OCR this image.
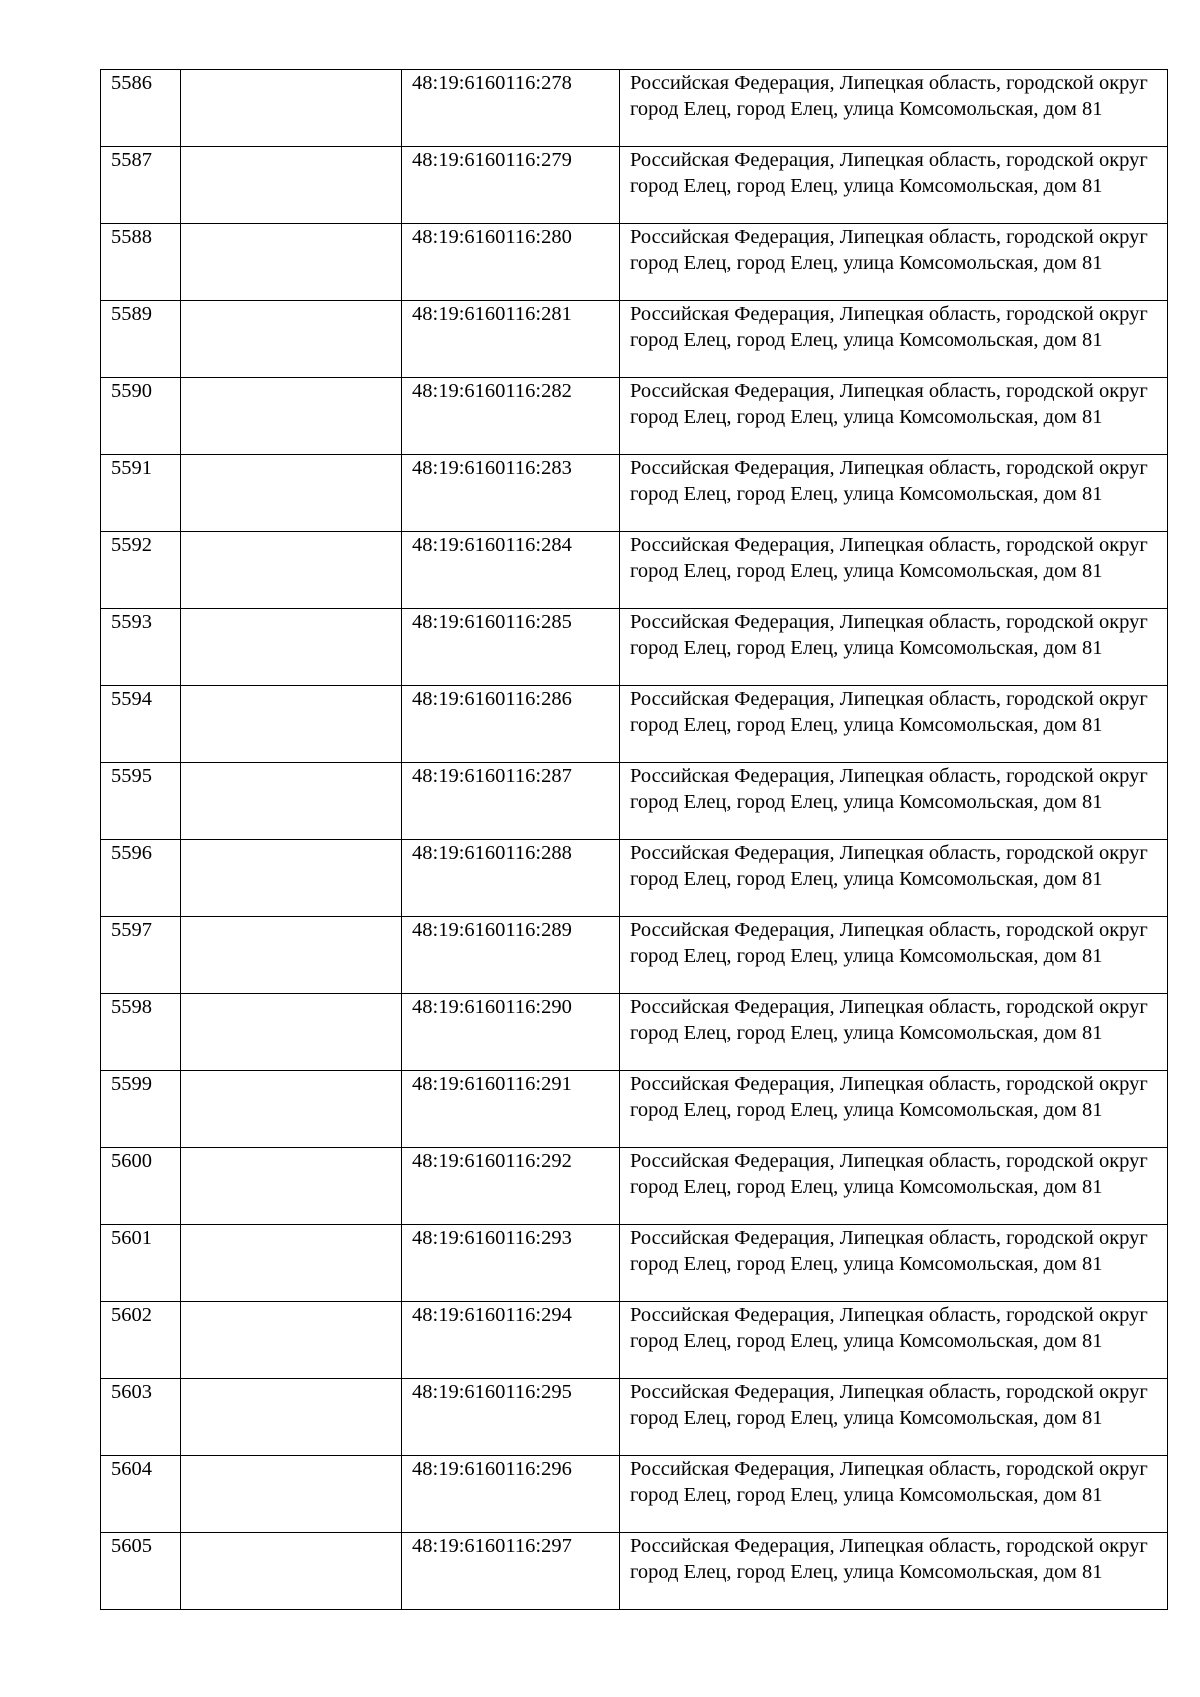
5586		48:19:6160116:278	Российская Федерация, Липецкая область, городской округ город Елец, город Елец, улица Комсомольская, дом 81
5587		48:19:6160116:279	Российская Федерация, Липецкая область, городской округ город Елец, город Елец, улица Комсомольская, дом 81
5588		48:19:6160116:280	Российская Федерация, Липецкая область, городской округ город Елец, город Елец, улица Комсомольская, дом 81
5589		48:19:6160116:281	Российская Федерация, Липецкая область, городской округ город Елец, город Елец, улица Комсомольская, дом 81
5590		48:19:6160116:282	Российская Федерация, Липецкая область, городской округ город Елец, город Елец, улица Комсомольская, дом 81
5591		48:19:6160116:283	Российская Федерация, Липецкая область, городской округ город Елец, город Елец, улица Комсомольская, дом 81
5592		48:19:6160116:284	Российская Федерация, Липецкая область, городской округ город Елец, город Елец, улица Комсомольская, дом 81
5593		48:19:6160116:285	Российская Федерация, Липецкая область, городской округ город Елец, город Елец, улица Комсомольская, дом 81
5594		48:19:6160116:286	Российская Федерация, Липецкая область, городской округ город Елец, город Елец, улица Комсомольская, дом 81
5595		48:19:6160116:287	Российская Федерация, Липецкая область, городской округ город Елец, город Елец, улица Комсомольская, дом 81
5596		48:19:6160116:288	Российская Федерация, Липецкая область, городской округ город Елец, город Елец, улица Комсомольская, дом 81
5597		48:19:6160116:289	Российская Федерация, Липецкая область, городской округ город Елец, город Елец, улица Комсомольская, дом 81
5598		48:19:6160116:290	Российская Федерация, Липецкая область, городской округ город Елец, город Елец, улица Комсомольская, дом 81
5599		48:19:6160116:291	Российская Федерация, Липецкая область, городской округ город Елец, город Елец, улица Комсомольская, дом 81
5600		48:19:6160116:292	Российская Федерация, Липецкая область, городской округ город Елец, город Елец, улица Комсомольская, дом 81
5601		48:19:6160116:293	Российская Федерация, Липецкая область, городской округ город Елец, город Елец, улица Комсомольская, дом 81
5602		48:19:6160116:294	Российская Федерация, Липецкая область, городской округ город Елец, город Елец, улица Комсомольская, дом 81
5603		48:19:6160116:295	Российская Федерация, Липецкая область, городской округ город Елец, город Елец, улица Комсомольская, дом 81
5604		48:19:6160116:296	Российская Федерация, Липецкая область, городской округ город Елец, город Елец, улица Комсомольская, дом 81
5605		48:19:6160116:297	Российская Федерация, Липецкая область, городской округ город Елец, город Елец, улица Комсомольская, дом 81
